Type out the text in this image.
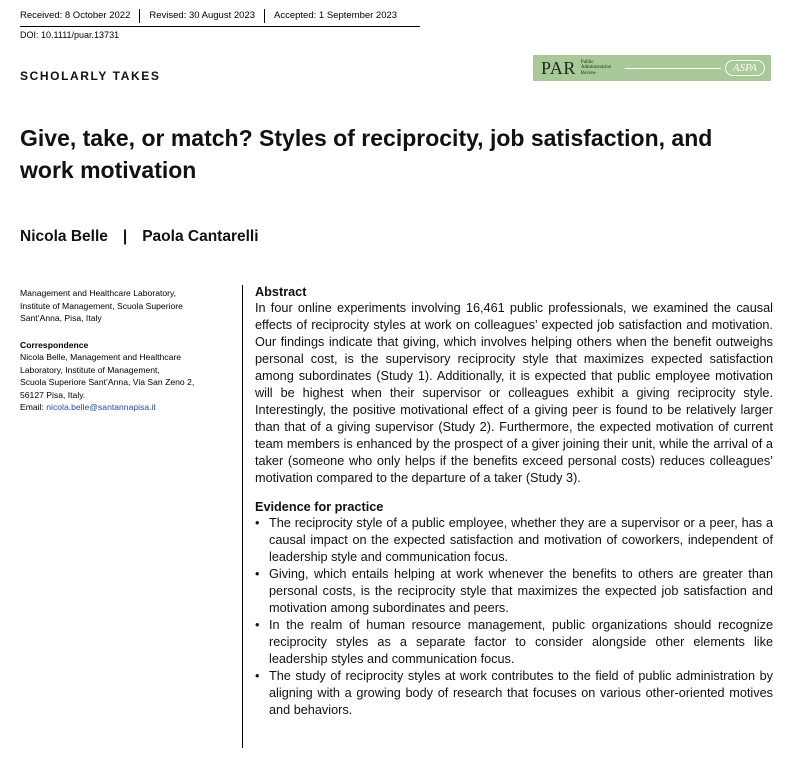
Received: 8 October 2022	Revised: 30 August 2023	Accepted: 1 September 2023
DOI: 10.1111/puar.13731
SCHOLARLY TAKES	PAR Public
Administration
Review	ASPA
Give, take, or match? Styles of reciprocity, job satisfaction, and work motivation
Nicola Belle | Paola Cantarelli
Management and Healthcare Laboratory,
Institute of Management, Scuola Superiore
Sant’Anna, Pisa, Italy
Correspondence
Nicola Belle, Management and Healthcare
Laboratory, Institute of Management,
Scuola Superiore Sant’Anna, Via San Zeno 2,
56127 Pisa, Italy.
Email: nicola.belle@santannapisa.it
Abstract
In four online experiments involving 16,461 public professionals, we examined the causal effects of reciprocity styles at work on colleagues’ expected job satisfaction and motivation. Our findings indicate that giving, which involves helping others when the benefit outweighs personal cost, is the supervisory reciprocity style that maximizes expected satisfaction among subordinates (Study 1). Additionally, it is expected that public employee motivation will be highest when their supervisor or colleagues exhibit a giving reciprocity style. Interestingly, the positive motivational effect of a giving peer is found to be relatively larger than that of a giving supervisor (Study 2). Furthermore, the expected motivation of current team members is enhanced by the prospect of a giver joining their unit, while the arrival of a taker (someone who only helps if the benefits exceed personal costs) reduces colleagues’ motivation compared to the departure of a taker (Study 3).
Evidence for practice
• The reciprocity style of a public employee, whether they are a supervisor or a peer, has a causal impact on the expected satisfaction and motivation of coworkers, independent of leadership style and communication focus.
• Giving, which entails helping at work whenever the benefits to others are greater than personal costs, is the reciprocity style that maximizes the expected job satisfaction and motivation among subordinates and peers.
• In the realm of human resource management, public organizations should recognize reciprocity styles as a separate factor to consider alongside other elements like leadership styles and communication focus.
• The study of reciprocity styles at work contributes to the field of public administration by aligning with a growing body of research that focuses on various other-oriented motives and behaviors.
